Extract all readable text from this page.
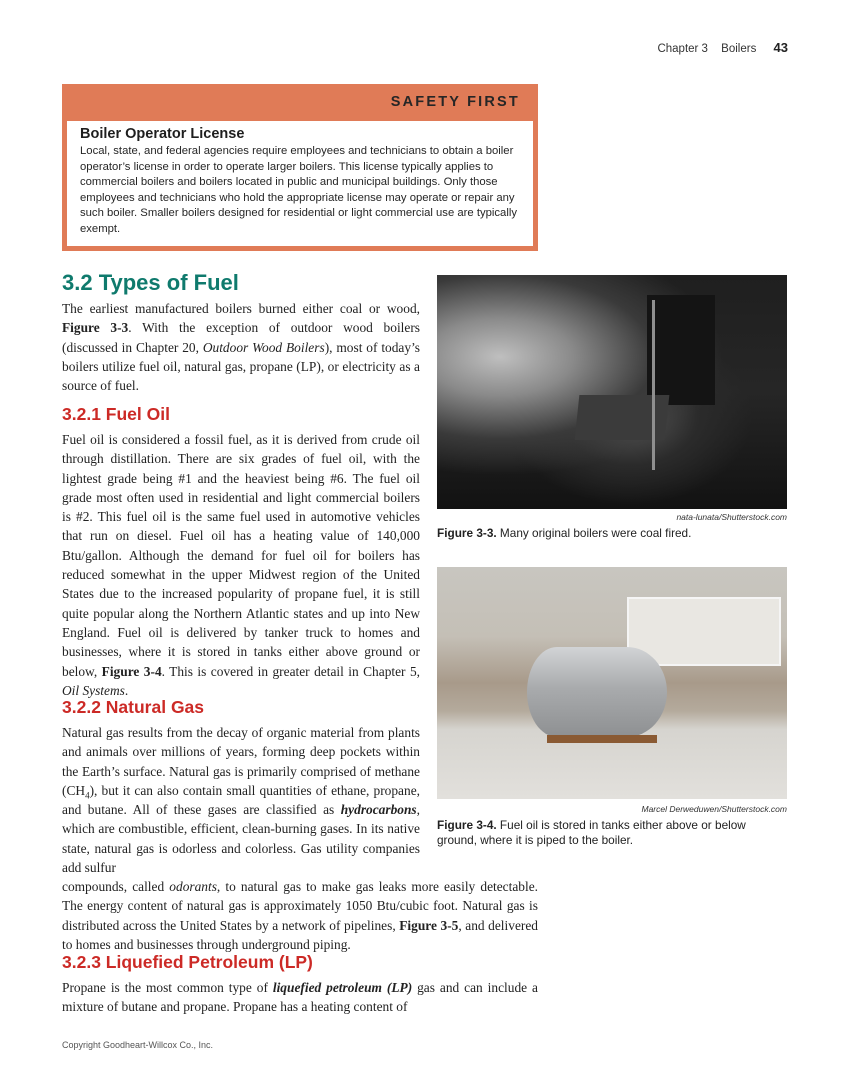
Chapter 3 Boilers 43
SAFETY FIRST
Boiler Operator License

Local, state, and federal agencies require employees and technicians to obtain a boiler operator’s license in order to operate larger boilers. This license typically applies to commercial boilers and boilers located in public and municipal buildings. Only those employees and technicians who hold the appropriate license may operate or repair any such boiler. Smaller boilers designed for residential or light commercial use are typically exempt.

3.2 Types of Fuel

The earliest manufactured boilers burned either coal or wood, Figure 3-3. With the exception of outdoor wood boilers (discussed in Chapter 20, Outdoor Wood Boilers), most of today’s boilers utilize fuel oil, natural gas, propane (LP), or electricity as a source of fuel.

3.2.1 Fuel Oil

Fuel oil is considered a fossil fuel, as it is derived from crude oil through distillation. There are six grades of fuel oil, with the lightest grade being #1 and the heaviest being #6. The fuel oil grade most often used in residential and light commercial boilers is #2. This fuel oil is the same fuel used in automotive vehicles that run on diesel. Fuel oil has a heating value of 140,000 Btu/gallon. Although the demand for fuel oil for boilers has reduced somewhat in the upper Midwest region of the United States due to the increased popularity of propane fuel, it is still quite popular along the Northern Atlantic states and up into New England. Fuel oil is delivered by tanker truck to homes and businesses, where it is stored in tanks either above ground or below, Figure 3-4. This is covered in greater detail in Chapter 5, Oil Systems.

3.2.2 Natural Gas

Natural gas results from the decay of organic material from plants and animals over millions of years, forming deep pockets within the Earth’s surface. Natural gas is primarily comprised of methane $(CH_4)$, but it can also contain small quantities of ethane, propane, and butane. All of these gases are classified as hydrocarbons, which are combustible, efficient, clean-burning gases. In its native state, natural gas is odorless and colorless. Gas utility companies add sulfur

compounds, called odorants, to natural gas to make gas leaks more easily detectable. The energy content of natural gas is approximately 1050 Btu/cubic foot. Natural gas is distributed across the United States by a network of pipelines, Figure 3-5, and delivered to homes and businesses through underground piping.

3.2.3 Liquefied Petroleum (LP)

Propane is the most common type of liquefied petroleum (LP) gas and can include a mixture of butane and propane. Propane has a heating content of

nata-lunata/Shutterstock.com
Figure 3-3. Many original boilers were coal fired.
Marcel Derweduwen/Shutterstock.com
Figure 3-4. Fuel oil is stored in tanks either above or below ground, where it is piped to the boiler.
Copyright Goodheart-Willcox Co., Inc.
